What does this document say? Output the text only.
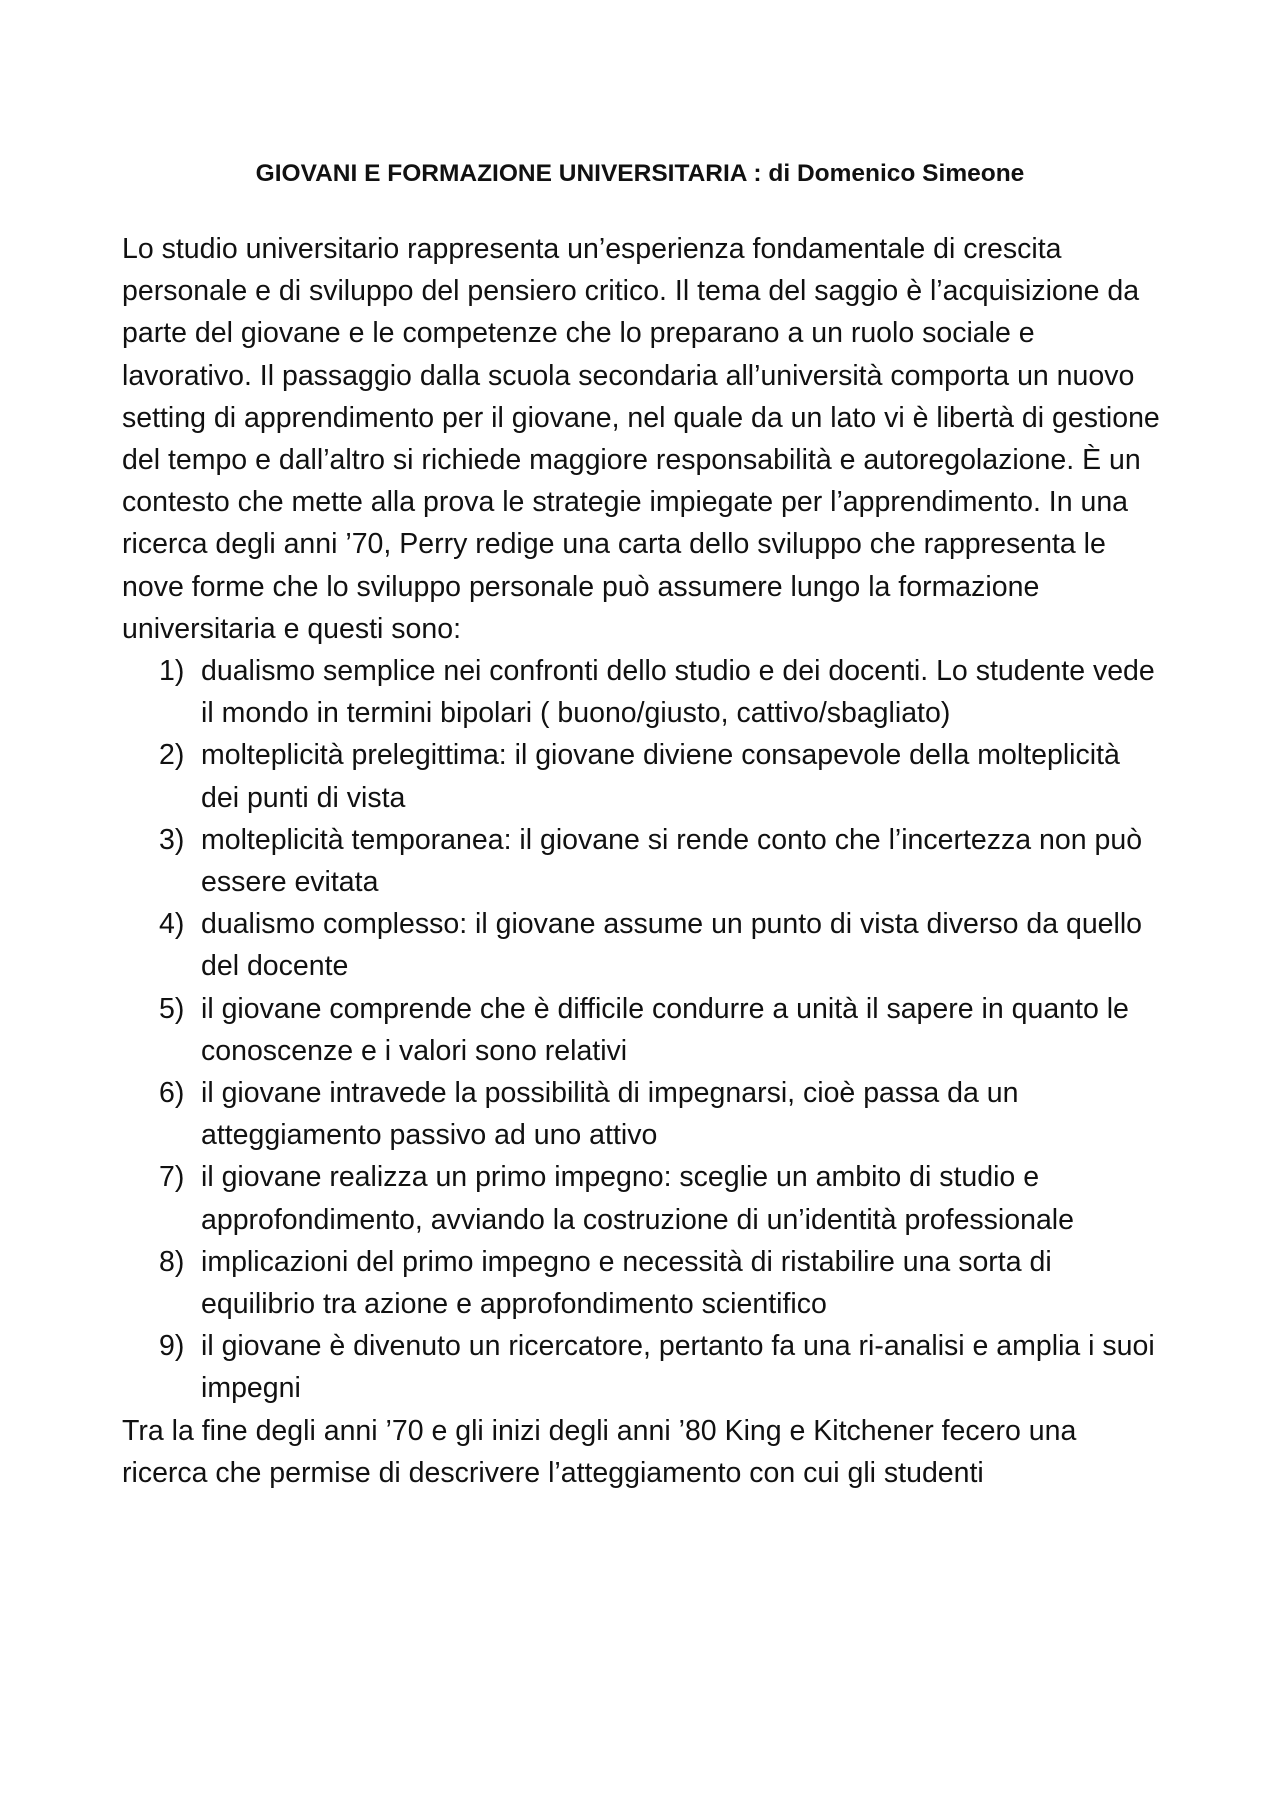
GIOVANI E FORMAZIONE UNIVERSITARIA : di Domenico Simeone

Lo studio universitario rappresenta un’esperienza fondamentale di crescita personale e di sviluppo del pensiero critico. Il tema del saggio è l’acquisizione da parte del giovane e le competenze che lo preparano a un ruolo sociale e lavorativo. Il passaggio dalla scuola secondaria all’università comporta un nuovo setting di apprendimento per il giovane, nel quale da un lato vi è libertà di gestione del tempo e dall’altro si richiede maggiore responsabilità e autoregolazione. È un contesto che mette alla prova le strategie impiegate per l’apprendimento. In una ricerca degli anni ’70, Perry redige una carta dello sviluppo che rappresenta le nove forme che lo sviluppo personale può assumere lungo la formazione universitaria e questi sono:

1) dualismo semplice nei confronti dello studio e dei docenti. Lo studente vede il mondo in termini bipolari ( buono/giusto, cattivo/sbagliato)
2) molteplicità prelegittima: il giovane diviene consapevole della molteplicità dei punti di vista
3) molteplicità temporanea: il giovane si rende conto che l’incertezza non può essere evitata
4) dualismo complesso: il giovane assume un punto di vista diverso da quello del docente
5) il giovane comprende che è difficile condurre a unità il sapere in quanto le conoscenze e i valori sono relativi
6) il giovane intravede la possibilità di impegnarsi, cioè passa da un atteggiamento passivo ad uno attivo
7) il giovane realizza un primo impegno: sceglie un ambito di studio e approfondimento, avviando la costruzione di un’identità professionale
8) implicazioni del primo impegno e necessità di ristabilire una sorta di equilibrio tra azione e approfondimento scientifico
9) il giovane è divenuto un ricercatore, pertanto fa una ri-analisi e amplia i suoi impegni

Tra la fine degli anni ’70 e gli inizi degli anni ’80 King e Kitchener fecero una ricerca che permise di descrivere l’atteggiamento con cui gli studenti
